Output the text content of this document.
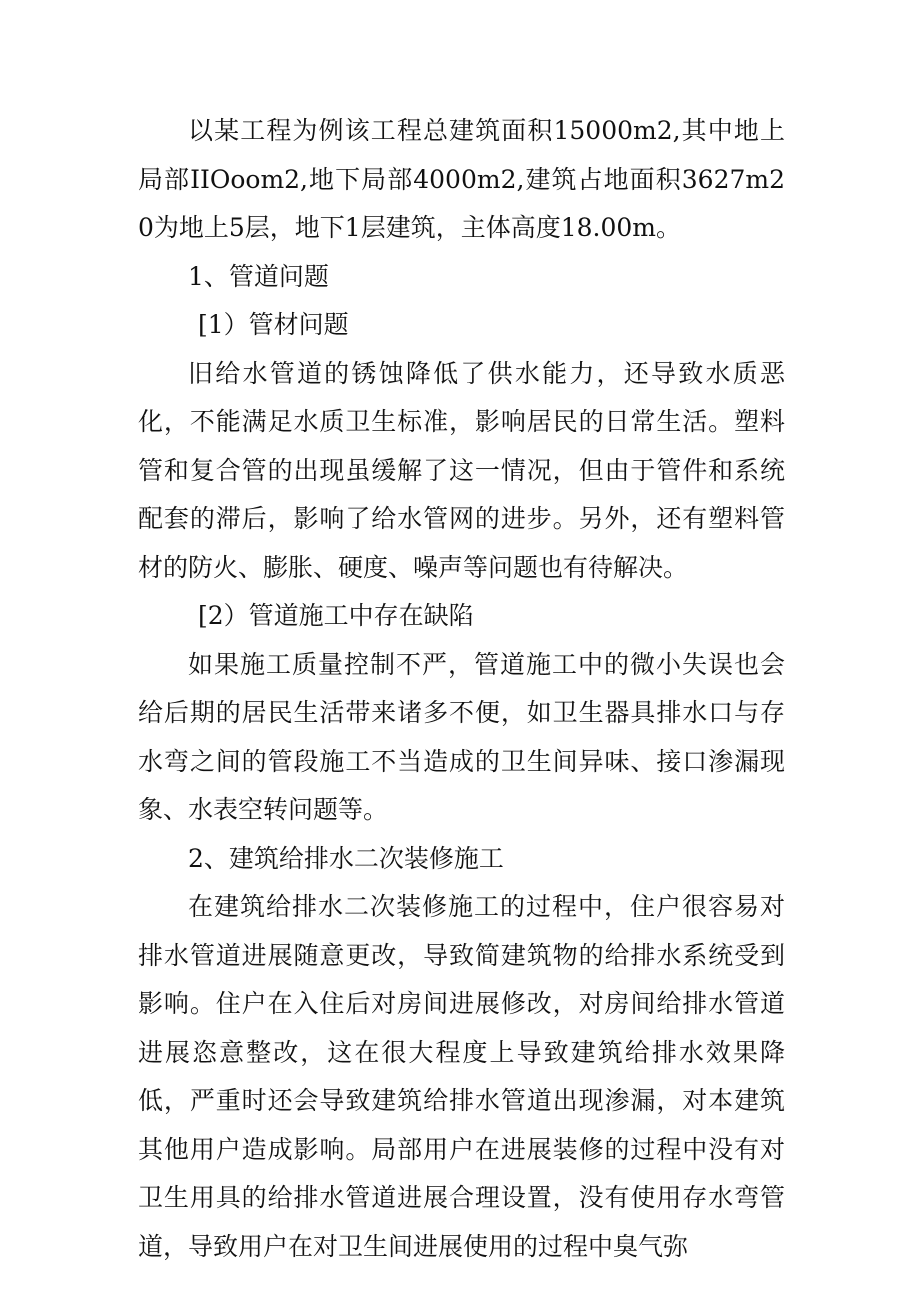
以某工程为例该工程总建筑面积15000m2,其中地上局部IIOoom2,地下局部4000m2,建筑占地面积3627m20为地上5层，地下1层建筑，主体高度18.00m。

1、管道问题

[1）管材问题

旧给水管道的锈蚀降低了供水能力，还导致水质恶化，不能满足水质卫生标准，影响居民的日常生活。塑料管和复合管的出现虽缓解了这一情况，但由于管件和系统配套的滞后，影响了给水管网的进步。另外，还有塑料管材的防火、膨胀、硬度、噪声等问题也有待解决。

[2）管道施工中存在缺陷

如果施工质量控制不严，管道施工中的微小失误也会给后期的居民生活带来诸多不便，如卫生器具排水口与存水弯之间的管段施工不当造成的卫生间异味、接口渗漏现象、水表空转问题等。

2、建筑给排水二次装修施工

在建筑给排水二次装修施工的过程中，住户很容易对排水管道进展随意更改，导致简建筑物的给排水系统受到影响。住户在入住后对房间进展修改，对房间给排水管道进展恣意整改，这在很大程度上导致建筑给排水效果降低，严重时还会导致建筑给排水管道出现渗漏，对本建筑其他用户造成影响。局部用户在进展装修的过程中没有对卫生用具的给排水管道进展合理设置，没有使用存水弯管道，导致用户在对卫生间进展使用的过程中臭气弥
